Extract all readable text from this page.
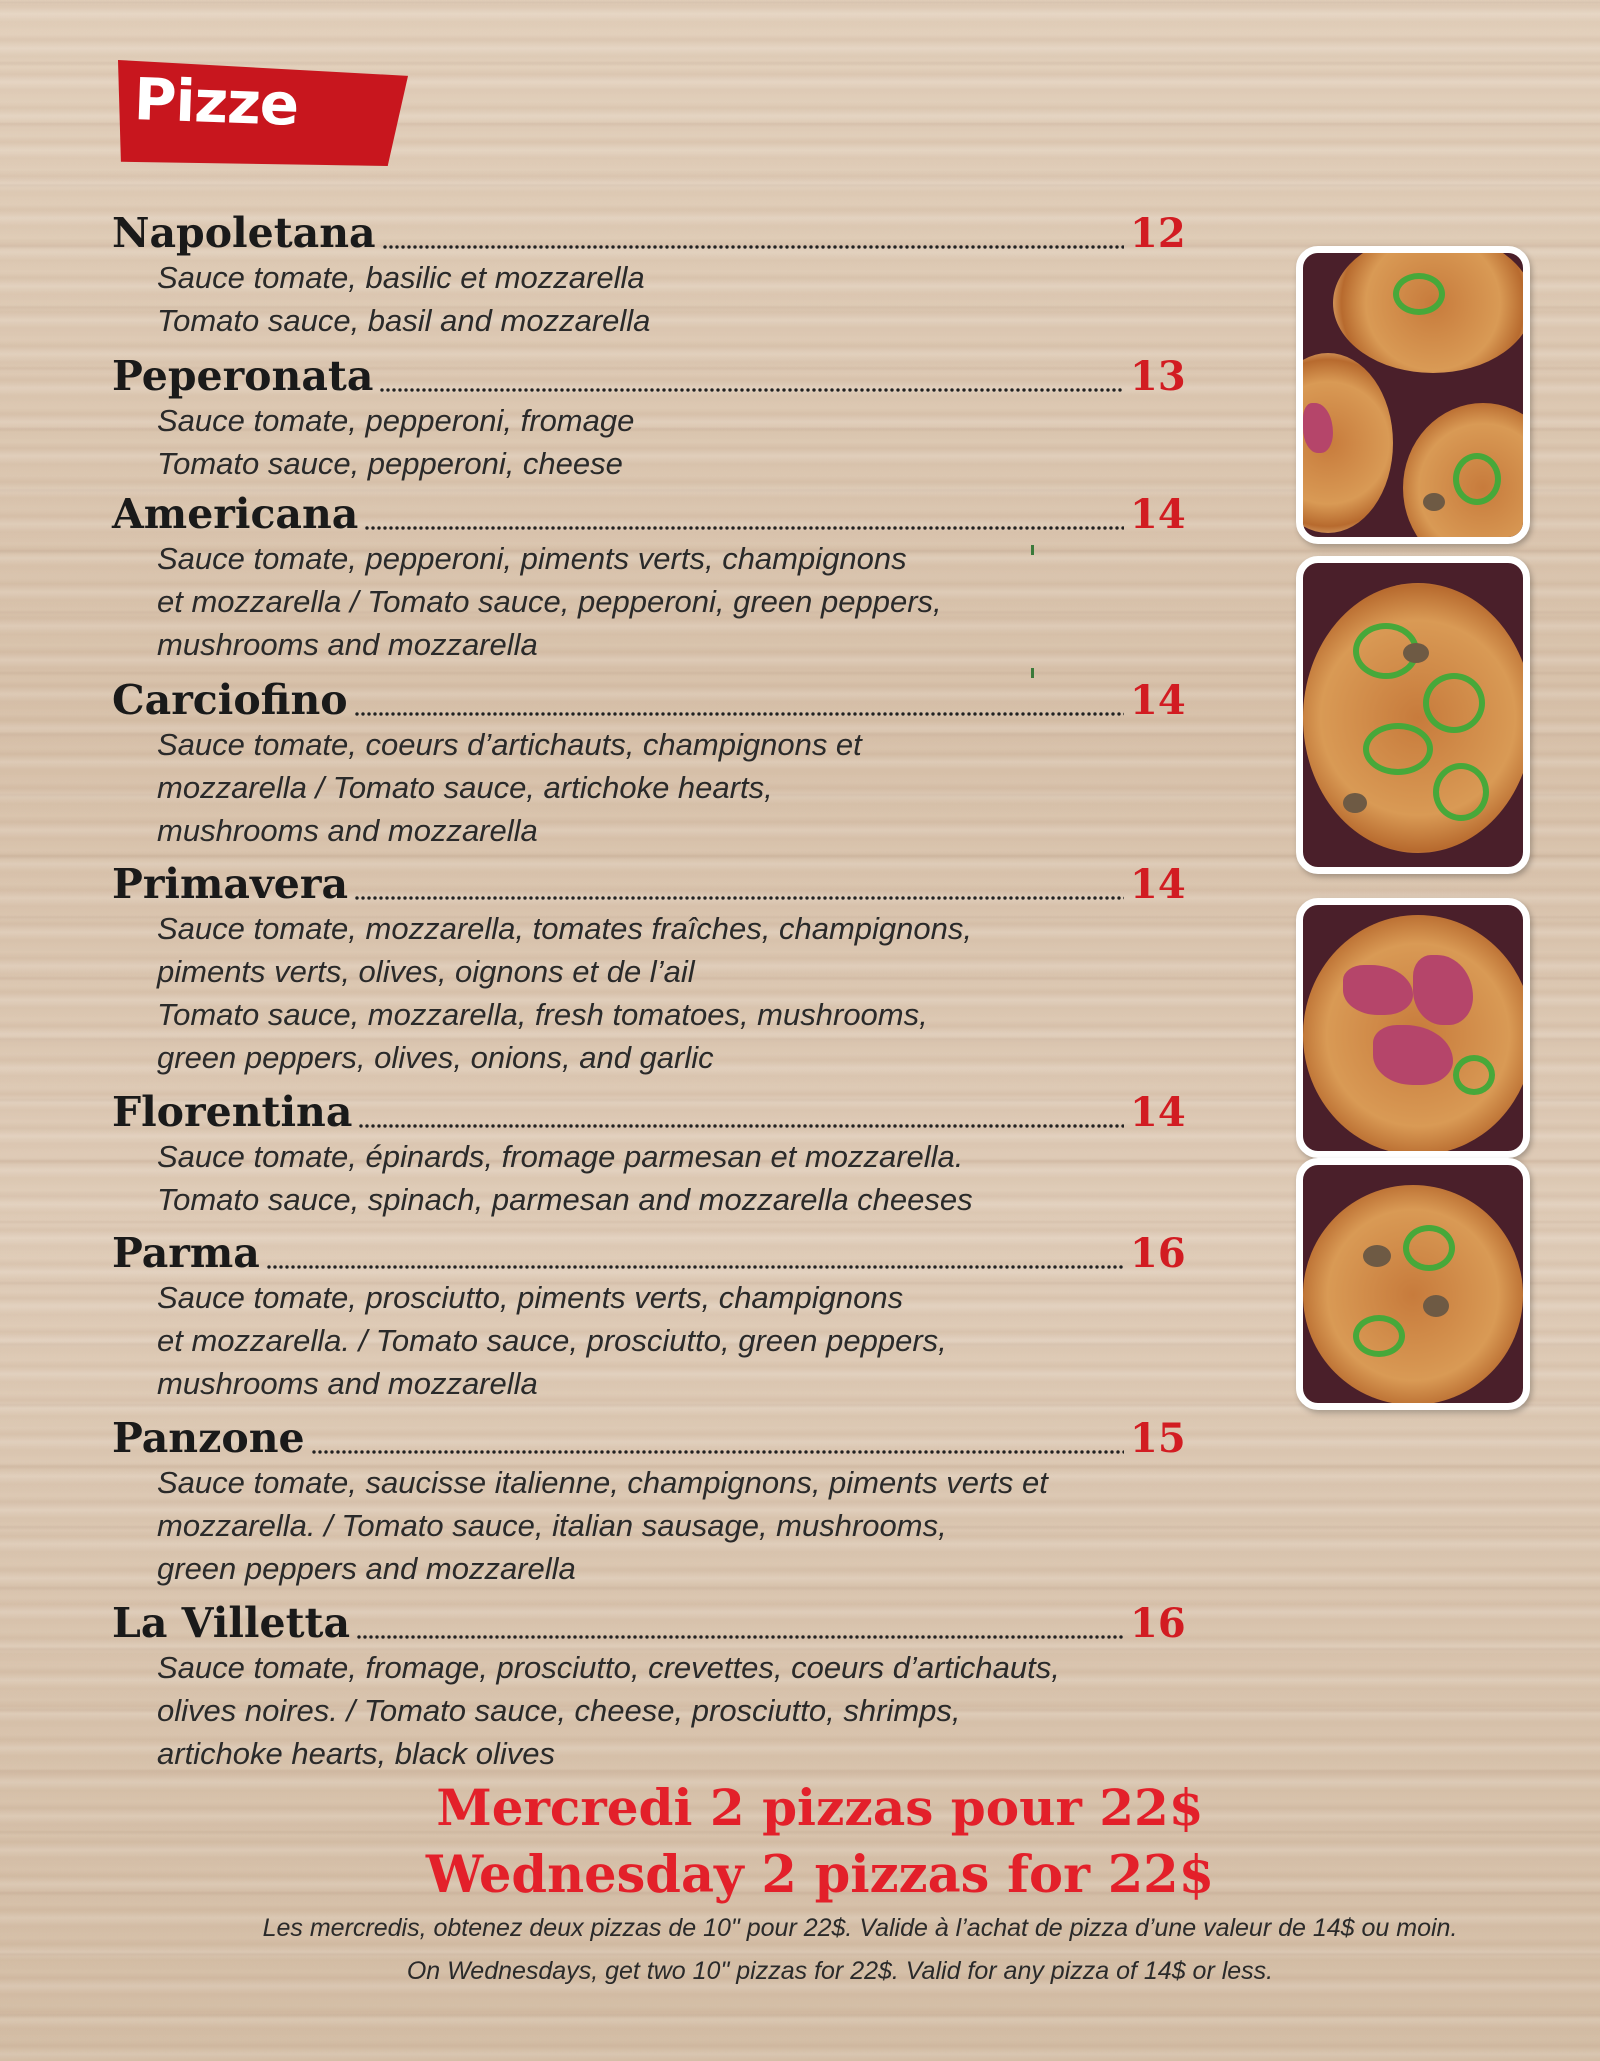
Pizze
Napoletana	12
Sauce tomate, basilic et mozzarella
Tomato sauce, basil and mozzarella
Peperonata	13
Sauce tomate, pepperoni, fromage
Tomato sauce, pepperoni, cheese
Americana	14
Sauce tomate, pepperoni, piments verts, champignons
et mozzarella / Tomato sauce, pepperoni, green peppers,
mushrooms and mozzarella
Carciofino	14
Sauce tomate, coeurs d’artichauts, champignons et
mozzarella / Tomato sauce, artichoke hearts,
mushrooms and mozzarella
Primavera	14
Sauce tomate, mozzarella, tomates fraîches, champignons,
piments verts, olives, oignons et de l’ail
Tomato sauce, mozzarella, fresh tomatoes, mushrooms,
green peppers, olives, onions, and garlic
Florentina	14
Sauce tomate, épinards, fromage parmesan et mozzarella.
Tomato sauce, spinach, parmesan and mozzarella cheeses
Parma	16
Sauce tomate, prosciutto, piments verts, champignons
et mozzarella. / Tomato sauce, prosciutto, green peppers,
mushrooms and mozzarella
Panzone	15
Sauce tomate, saucisse italienne, champignons, piments verts et
mozzarella. / Tomato sauce, italian sausage, mushrooms,
green peppers and mozzarella
La Villetta	16
Sauce tomate, fromage, prosciutto, crevettes, coeurs d’artichauts,
olives noires. / Tomato sauce, cheese, prosciutto, shrimps,
artichoke hearts, black olives
Mercredi 2 pizzas pour 22$
Wednesday 2 pizzas for 22$
Les mercredis, obtenez deux pizzas de 10" pour 22$. Valide à l’achat de pizza d’une valeur de 14$ ou moin.
On Wednesdays, get two 10" pizzas for 22$. Valid for any pizza of 14$ or less.
